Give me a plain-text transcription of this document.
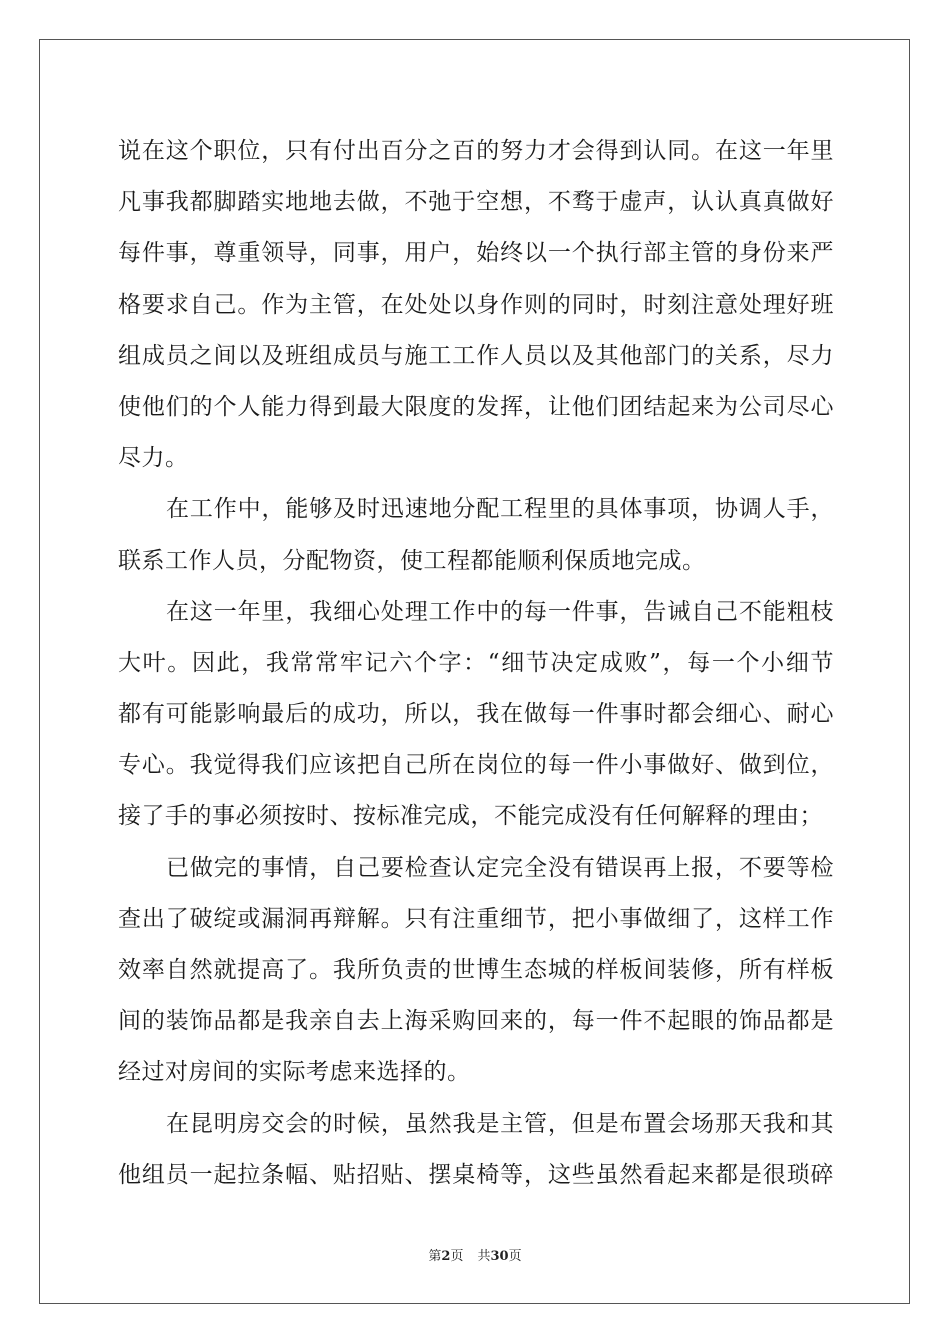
说在这个职位，只有付出百分之百的努力才会得到认同。在这一年里
凡事我都脚踏实地地去做，不弛于空想，不骛于虚声，认认真真做好
每件事，尊重领导，同事，用户，始终以一个执行部主管的身份来严
格要求自己。作为主管，在处处以身作则的同时，时刻注意处理好班
组成员之间以及班组成员与施工工作人员以及其他部门的关系，尽力
使他们的个人能力得到最大限度的发挥，让他们团结起来为公司尽心
尽力。
在工作中，能够及时迅速地分配工程里的具体事项，协调人手，
联系工作人员，分配物资，使工程都能顺利保质地完成。
在这一年里，我细心处理工作中的每一件事，告诫自己不能粗枝
大叶。因此，我常常牢记六个字：“细节决定成败”，每一个小细节
都有可能影响最后的成功，所以，我在做每一件事时都会细心、耐心
专心。我觉得我们应该把自己所在岗位的每一件小事做好、做到位，
接了手的事必须按时、按标准完成，不能完成没有任何解释的理由；
已做完的事情，自己要检查认定完全没有错误再上报，不要等检
查出了破绽或漏洞再辩解。只有注重细节，把小事做细了，这样工作
效率自然就提高了。我所负责的世博生态城的样板间装修，所有样板
间的装饰品都是我亲自去上海采购回来的，每一件不起眼的饰品都是
经过对房间的实际考虑来选择的。
在昆明房交会的时候，虽然我是主管，但是布置会场那天我和其
他组员一起拉条幅、贴招贴、摆桌椅等，这些虽然看起来都是很琐碎
第2页 共30页
